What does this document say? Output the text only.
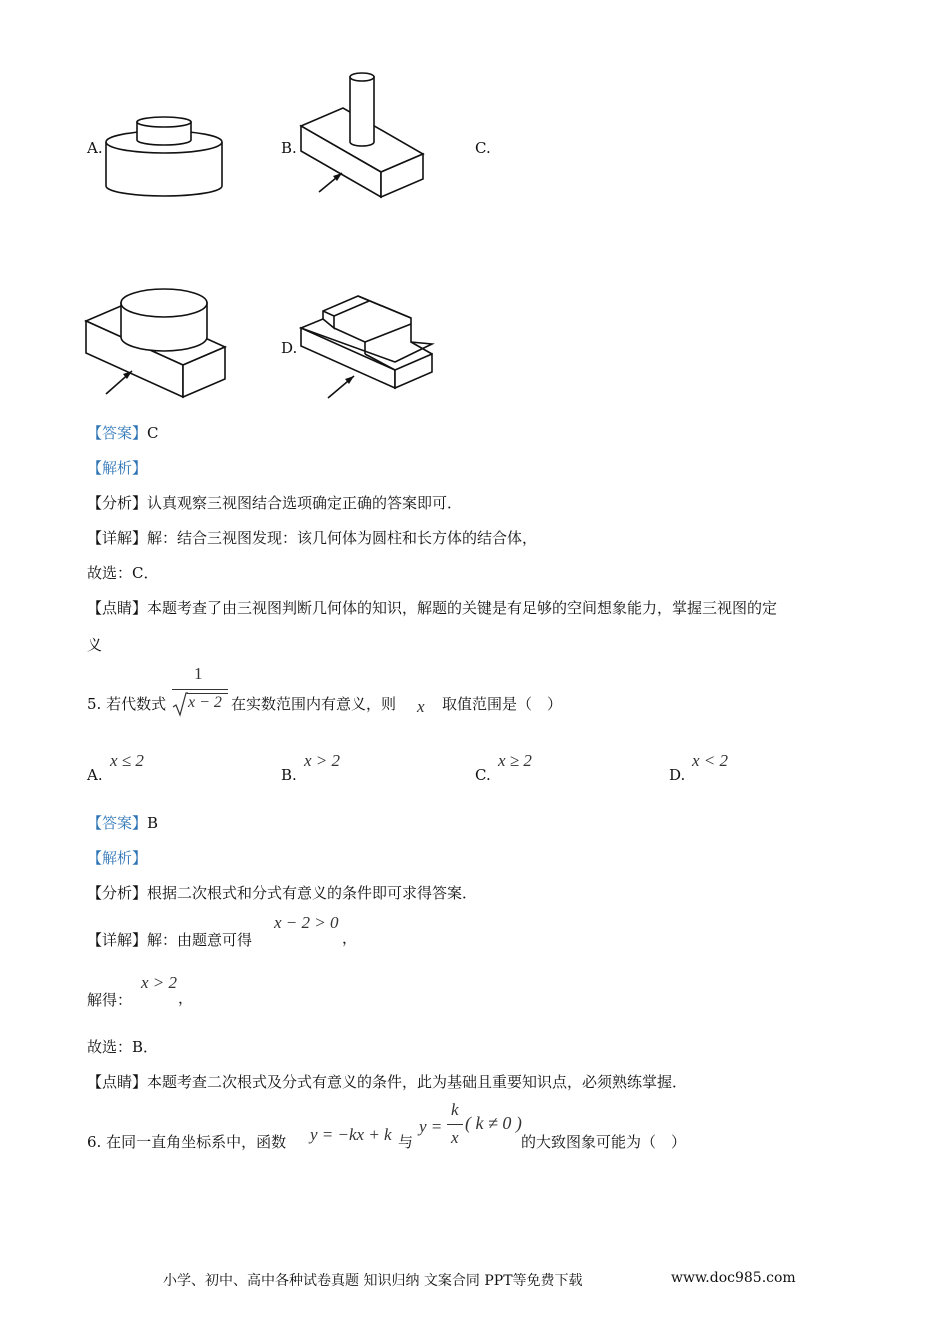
A.	B.	C.
D.
【答案】C
【解析】
【分析】认真观察三视图结合选项确定正确的答案即可．
【详解】解：结合三视图发现：该几何体为圆柱和长方体的结合体，
故选：C．
【点睛】本题考查了由三视图判断几何体的知识，解题的关键是有足够的空间想象能力，掌握三视图的定
义
5. 若代数式
1
x − 2 在实数范围内有意义，则 x 取值范围是（　）
A.
x ≤ 2
B.
x > 2
C.
x ≥ 2
D.
x < 2
【答案】B
【解析】
【分析】根据二次根式和分式有意义的条件即可求得答案．
【详解】解：由题意可得
x − 2 > 0
，
解得：
x > 2
，
故选：B．
【点睛】本题考查二次根式及分式有意义的条件，此为基础且重要知识点，必须熟练掌握．
6. 在同一直角坐标系中，函数 y = −kx + k 与
y =
k
x
( k ≠ 0 )
的大致图象可能为（　）
小学、初中、高中各种试卷真题 知识归纳 文案合同 PPT等免费下载	www.doc985.com
